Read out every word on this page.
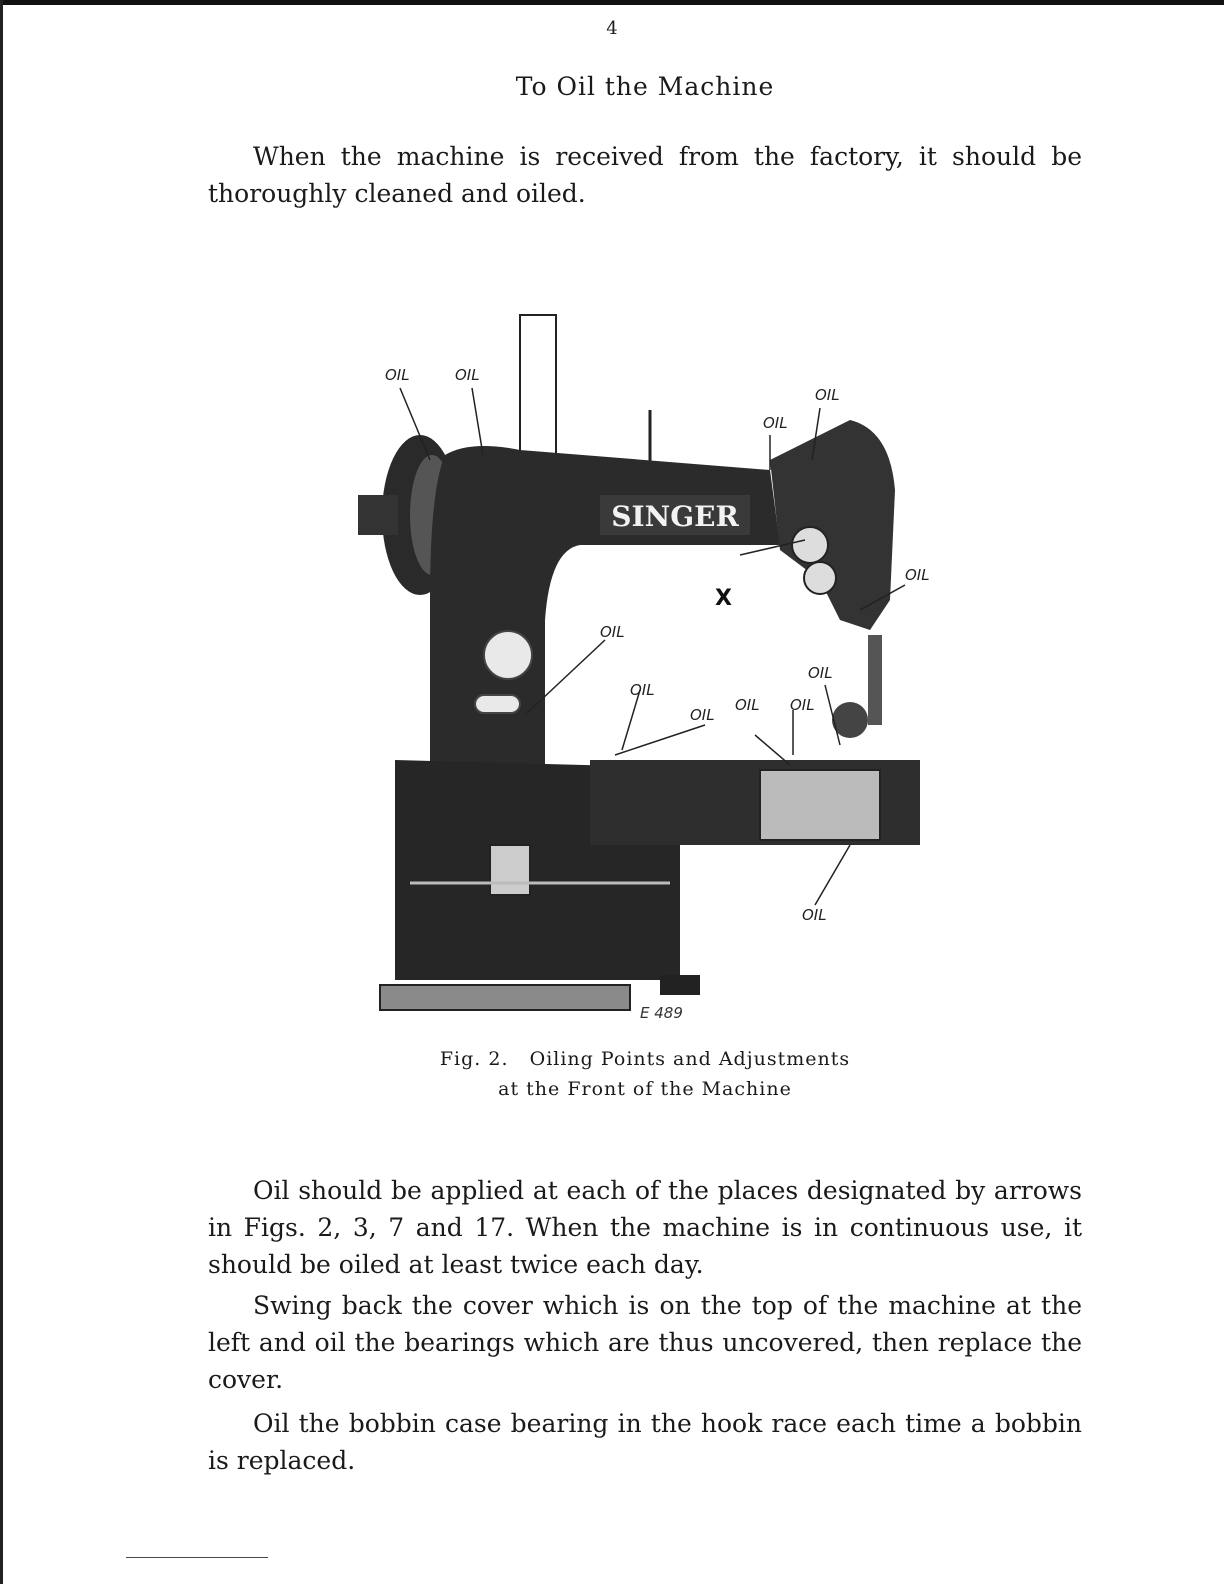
4
To Oil the Machine

When the machine is received from the factory, it should be thoroughly cleaned and oiled.

SINGER
OIL	OIL
OIL
OIL
OIL
OIL
OIL
OIL
OIL
OIL OIL
OIL
X
E 489
Fig. 2.   Oiling Points and Adjustments
at the Front of the Machine

Oil should be applied at each of the places designated by arrows in Figs. 2, 3, 7 and 17. When the machine is in continuous use, it should be oiled at least twice each day.

Swing back the cover which is on the top of the machine at the left and oil the bearings which are thus uncovered, then replace the cover.

Oil the bobbin case bearing in the hook race each time a bobbin is replaced.
